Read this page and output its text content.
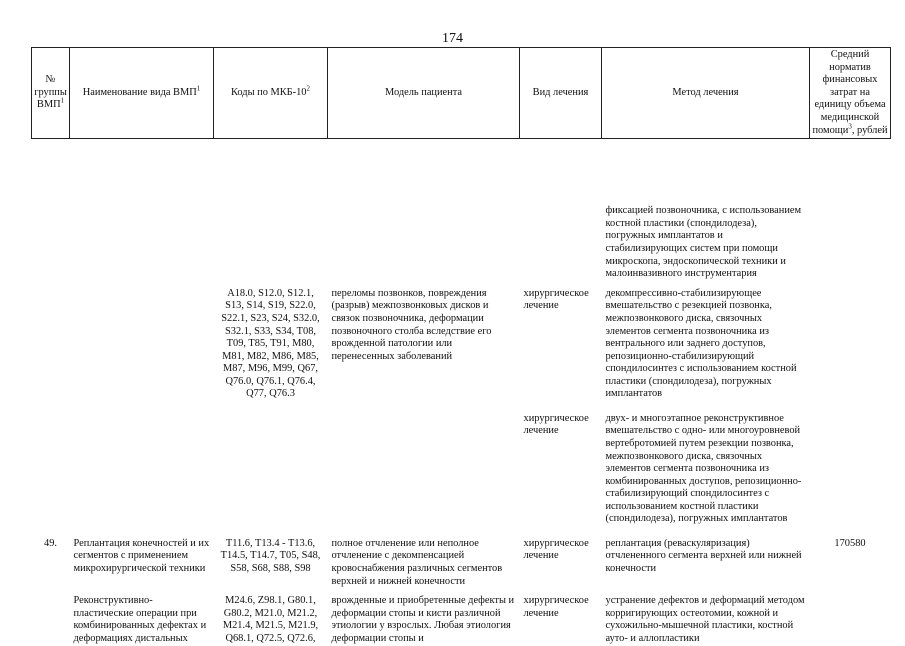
174
№ группы ВМП$^1$	Наименование вида ВМП$^1$	Коды по МКБ-$10^2$	Модель пациента	Вид лечения	Метод лечения	Средний норматив финансовых затрат на единицу объема медицинской помощи$^3$, рублей
					фиксацией позвоночника, с использованием костной пластики (спондилодеза), погружных имплантатов и стабилизирующих систем при помощи микроскопа, эндоскопической техники и малоинвазивного инструментария	
		A18.0, S12.0, S12.1, S13, S14, S19, S22.0, S22.1, S23, S24, S32.0, S32.1, S33, S34, T08, T09, T85, T91, M80, M81, M82, M86, M85, M87, M96, M99, Q67, Q76.0, Q76.1, Q76.4, Q77, Q76.3	переломы позвонков, повреждения (разрыв) межпозвонковых дисков и связок позвоночника, деформации позвоночного столба вследствие его врожденной патологии или перенесенных заболеваний	хирургическое лечение	декомпрессивно-стабилизирующее вмешательство с резекцией позвонка, межпозвонкового диска, связочных элементов сегмента позвоночника из вентрального или заднего доступов, репозиционно-стабилизирующий спондилосинтез с использованием костной пластики (спондилодеза), погружных имплантатов	
				хирургическое лечение	двух- и многоэтапное реконструктивное вмешательство с одно- или многоуровневой вертебротомией путем резекции позвонка, межпозвонкового диска, связочных элементов сегмента позвоночника из комбинированных доступов, репозиционно-стабилизирующий спондилосинтез с использованием костной пластики (спондилодеза), погружных имплантатов	
49.	Реплантация конечностей и их сегментов с применением микрохирургической техники	T11.6, T13.4 - T13.6, T14.5, T14.7, T05, S48, S58, S68, S88, S98	полное отчленение или неполное отчленение с декомпенсацией кровоснабжения различных сегментов верхней и нижней конечности	хирургическое лечение	реплантация (реваскуляризация) отчлененного сегмента верхней или нижней конечности	170580
	Реконструктивно-пластические операции при комбинированных дефектах и деформациях дистальных	M24.6, Z98.1, G80.1, G80.2, M21.0, M21.2, M21.4, M21.5, M21.9, Q68.1, Q72.5, Q72.6,	врожденные и приобретенные дефекты и деформации стопы и кисти различной этиологии у взрослых. Любая этиология деформации стопы и	хирургическое лечение	устранение дефектов и деформаций методом корригирующих остеотомии, кожной и сухожильно-мышечной пластики, костной ауто- и аллопластики	
